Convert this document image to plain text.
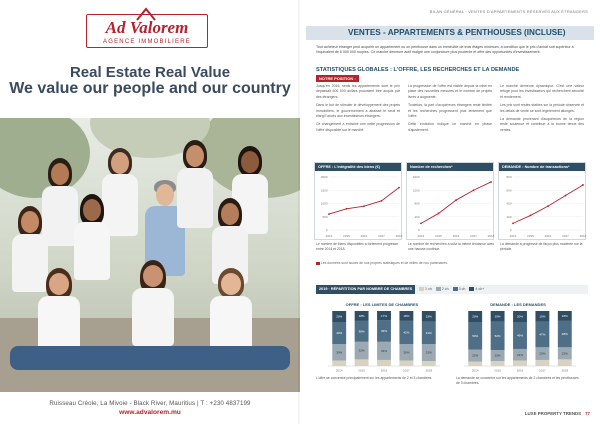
Ad Valorem
AGENCE IMMOBILIERE
Real Estate Real Value
We value our people and our country
Ruisseau Créole, La Mivoie - Black River, Mauritius | T : +230 4837199
www.advalorem.mu
BILAN GÉNÉRAL · VENTES D'APPARTEMENTS RÉSERVÉS AUX ÉTRANGERS
VENTES - APPARTEMENTS & PENTHOUSES (INCLUSE)
Tout acheteur étranger peut acquérir un appartement ou un penthouse dans un immeuble de trois étages minimum, à condition que le prix d'achat soit supérieur à l'équivalent de 6 000 000 roupies. Ce marché demeure actif malgré une conjoncture plus prudente et offre des opportunités d'investissement.
STATISTIQUES GLOBALES : L'OFFRE, LES RECHERCHES ET LA DEMANDE
NOTRE POSITION :

Jusqu'en 2016, seuls les appartements dont le prix dépassait 500 000 dollars pouvaient être acquis par des étrangers.

Dans le but de stimuler le développement des projets immobiliers, le gouvernement a abaissé le seuil et élargi l'accès aux investisseurs étrangers.

Ce changement a entraîné une nette progression de l'offre disponible sur le marché.

La progression de l'offre est visible depuis la mise en place des nouvelles mesures et le nombre de projets livrés a augmenté.

Toutefois, la part d'acquéreurs étrangers reste limitée et les recherches progressent plus lentement que l'offre.

Cette évolution indique un marché en phase d'ajustement.

Le marché demeure dynamique. C'est une valeur refuge pour les investisseurs qui recherchent sécurité et rendement.

Les prix sont restés stables sur la période observée et les délais de vente se sont légèrement allongés.

La demande provenant d'acquéreurs de la région reste soutenue et contribue à la bonne tenue des ventes.

OFFRE : L'intégralité des biens (€)
0
500
1000
1500
2000
2014	2015	2016	2017	2018
Nombre de recherches*
0
400
800
1200
1600
2014	2015	2016	2017	2018
DEMANDE : Nombre de transactions*
0
200
400
600
800
2014	2015	2016	2017	2018
Le nombre de biens disponibles a fortement progressé entre 2014 et 2018.
Le nombre de recherches a suivi la même tendance avec une hausse continue.
La demande a progressé de façon plus modérée sur la période.
Les données sont issues de nos propres statistiques et de celles de nos partenaires.
2019 · RÉPARTITION PAR NOMBRE DE CHAMBRES	1 ch	2 ch	3 ch	4 ch+
OFFRE : LES LIMITES DE CHAMBRES	DEMANDE : LES DEMANDES
30%
40%
20%
2014
32%
38%
18%
2015
33%
39%
17%
2016
30%
42%
18%
2017
31%
41%
19%
2018
22%
50%
20%
2014
20%
52%
19%
2015
21%
49%
20%
2016
23%
47%
19%
2017
22%
48%
18%
2018
L'offre se concentre principalement sur les appartements de 2 et 3 chambres.	La demande se concentre sur les appartements de 2 chambres et les penthouses de 3 chambres.
LUXE PROPERTY TRENDS 77
